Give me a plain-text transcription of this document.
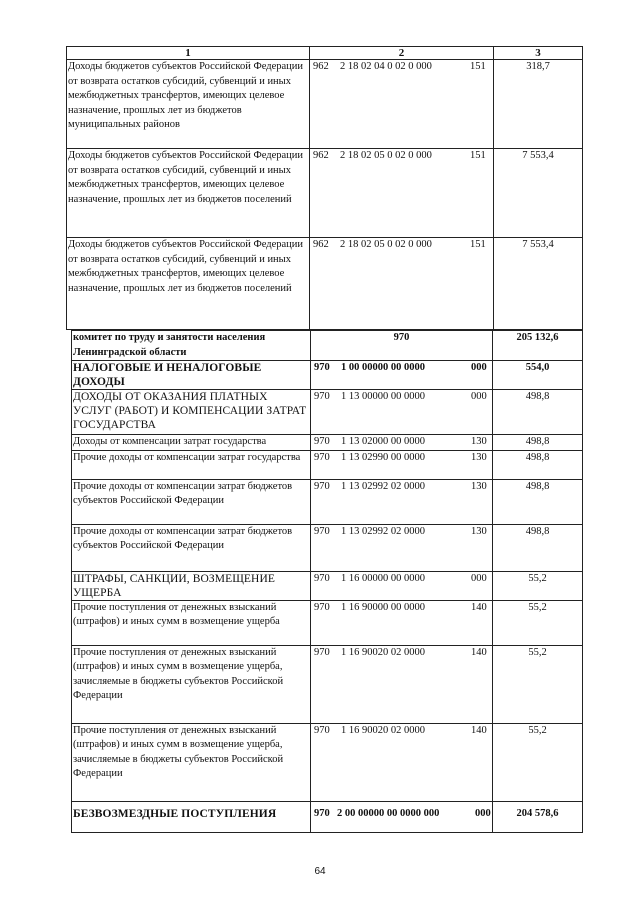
1	2	3
Доходы бюджетов субъектов Российской Федерации от возврата остатков субсидий, субвенций и иных межбюджетных трансфертов, имеющих целевое назначение, прошлых лет из бюджетов муниципальных районов	962 2 18 02 04 0 02 0 000 151	318,7
Доходы бюджетов субъектов Российской Федерации от возврата остатков субсидий, субвенций и иных межбюджетных трансфертов, имеющих целевое назначение, прошлых лет из бюджетов поселений	962 2 18 02 05 0 02 0 000 151	7 553,4
Доходы бюджетов субъектов Российской Федерации от возврата остатков субсидий, субвенций и иных межбюджетных трансфертов, имеющих целевое назначение, прошлых лет из бюджетов поселений	962 2 18 02 05 0 02 0 000 151	7 553,4
комитет по труду и занятости населения Ленинградской области	970	205 132,6
НАЛОГОВЫЕ И НЕНАЛОГОВЫЕ ДОХОДЫ	970 1 00 00000 00 0000 000	554,0
ДОХОДЫ ОТ ОКАЗАНИЯ ПЛАТНЫХ УСЛУГ (РАБОТ) И КОМПЕНСАЦИИ ЗАТРАТ ГОСУДАРСТВА	970 1 13 00000 00 0000 000	498,8
Доходы от компенсации затрат государства	970 1 13 02000 00 0000 130	498,8
Прочие доходы от компенсации затрат государства	970 1 13 02990 00 0000 130	498,8
Прочие доходы от компенсации затрат бюджетов субъектов Российской Федерации	970 1 13 02992 02 0000 130	498,8
Прочие доходы от компенсации затрат бюджетов субъектов Российской Федерации	970 1 13 02992 02 0000 130	498,8
ШТРАФЫ, САНКЦИИ, ВОЗМЕЩЕНИЕ УЩЕРБА	970 1 16 00000 00 0000 000	55,2
Прочие поступления от денежных взысканий (штрафов) и иных сумм в возмещение ущерба	970 1 16 90000 00 0000 140	55,2
Прочие поступления от денежных взысканий (штрафов) и иных сумм в возмещение ущерба, зачисляемые в бюджеты субъектов Российской Федерации	970 1 16 90020 02 0000 140	55,2
Прочие поступления от денежных взысканий (штрафов) и иных сумм в возмещение ущерба, зачисляемые в бюджеты субъектов Российской Федерации	970 1 16 90020 02 0000 140	55,2
БЕЗВОЗМЕЗДНЫЕ ПОСТУПЛЕНИЯ	970 2 00 00000 00 0000 000 000	204 578,6
64
